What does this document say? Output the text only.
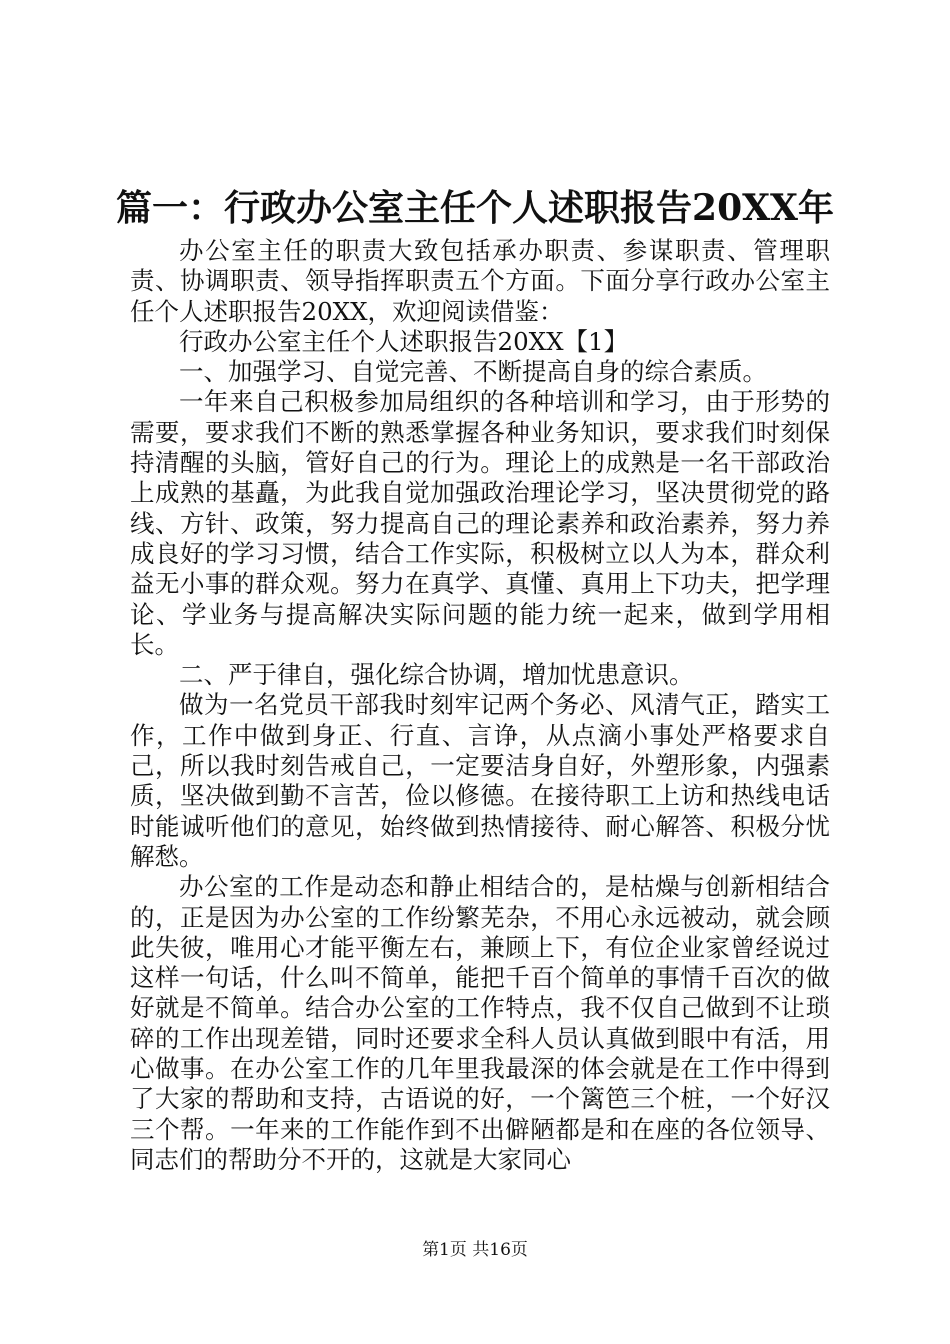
篇一：行政办公室主任个人述职报告20XX年

办公室主任的职责大致包括承办职责、参谋职责、管理职责、协调职责、领导指挥职责五个方面。下面分享行政办公室主任个人述职报告20XX，欢迎阅读借鉴：

行政办公室主任个人述职报告20XX【1】

一、加强学习、自觉完善、不断提高自身的综合素质。

一年来自己积极参加局组织的各种培训和学习，由于形势的需要，要求我们不断的熟悉掌握各种业务知识，要求我们时刻保持清醒的头脑，管好自己的行为。理论上的成熟是一名干部政治上成熟的基矗，为此我自觉加强政治理论学习，坚决贯彻党的路线、方针、政策，努力提高自己的理论素养和政治素养，努力养成良好的学习习惯，结合工作实际，积极树立以人为本，群众利益无小事的群众观。努力在真学、真懂、真用上下功夫，把学理论、学业务与提高解决实际问题的能力统一起来，做到学用相长。

二、严于律自，强化综合协调，增加忧患意识。

做为一名党员干部我时刻牢记两个务必、风清气正，踏实工作，工作中做到身正、行直、言诤，从点滴小事处严格要求自己，所以我时刻告戒自己，一定要洁身自好，外塑形象，内强素质，坚决做到勤不言苦，俭以修德。在接待职工上访和热线电话时能诚听他们的意见，始终做到热情接待、耐心解答、积极分忧解愁。

办公室的工作是动态和静止相结合的，是枯燥与创新相结合的，正是因为办公室的工作纷繁芜杂，不用心永远被动，就会顾此失彼，唯用心才能平衡左右，兼顾上下，有位企业家曾经说过这样一句话，什么叫不简单，能把千百个简单的事情千百次的做好就是不简单。结合办公室的工作特点，我不仅自己做到不让琐碎的工作出现差错，同时还要求全科人员认真做到眼中有活，用心做事。在办公室工作的几年里我最深的体会就是在工作中得到了大家的帮助和支持，古语说的好，一个篱笆三个桩，一个好汉三个帮。一年来的工作能作到不出僻陋都是和在座的各位领导、同志们的帮助分不开的，这就是大家同心

第1页 共16页
